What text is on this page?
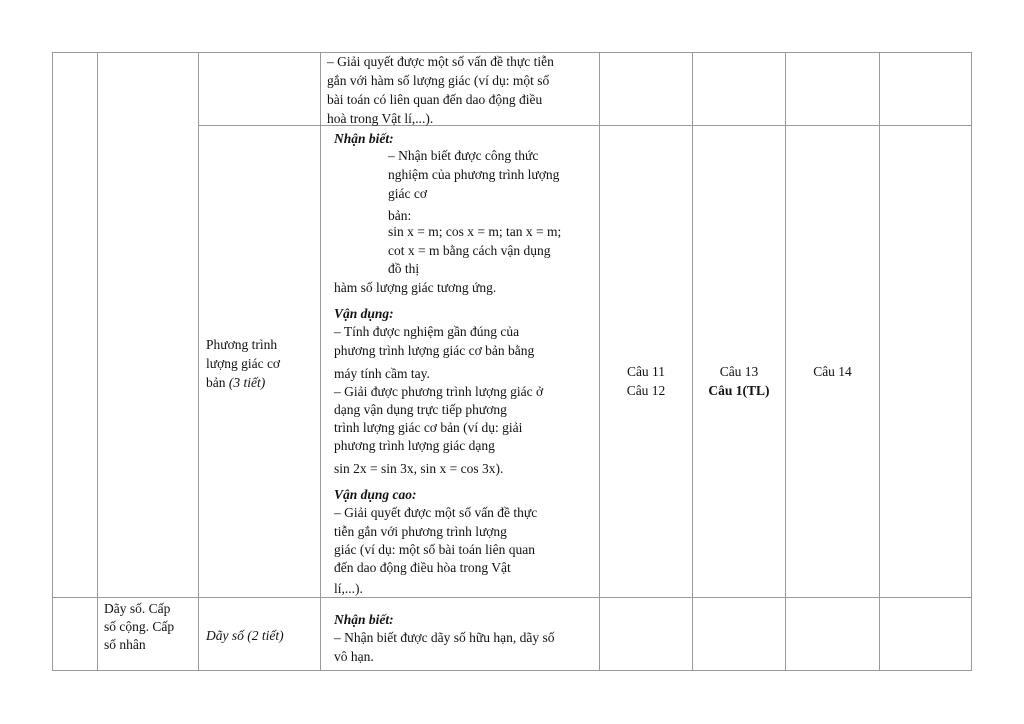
– Giải quyết được một số vấn đề thực tiễn
gắn với hàm số lượng giác (ví dụ: một số
bài toán có liên quan đến dao động điều
hoà trong Vật lí,...).
Phương trình
lượng giác cơ
bản (3 tiết)
Nhận biết:
– Nhận biết được công thức
nghiệm của phương trình lượng
giác cơ
bản:
sin x = m; cos x = m; tan x = m;
cot x = m bằng cách vận dụng
đồ thị
hàm số lượng giác tương ứng.
Vận dụng:
– Tính được nghiệm gần đúng của
phương trình lượng giác cơ bản bằng
máy tính cầm tay.
– Giải được phương trình lượng giác ở
dạng vận dụng trực tiếp phương
trình lượng giác cơ bản (ví dụ: giải
phương trình lượng giác dạng
sin 2x = sin 3x, sin x = cos 3x).
Vận dụng cao:
– Giải quyết được một số vấn đề thực
tiễn gắn với phương trình lượng
giác (ví dụ: một số bài toán liên quan
đến dao động điều hòa trong Vật
lí,...).
Câu 11
Câu 12
Câu 13
Câu 1(TL)
Câu 14
Dãy số. Cấp
số cộng. Cấp
số nhân
Dãy số (2 tiết)
Nhận biết:
– Nhận biết được dãy số hữu hạn, dãy số
vô hạn.
